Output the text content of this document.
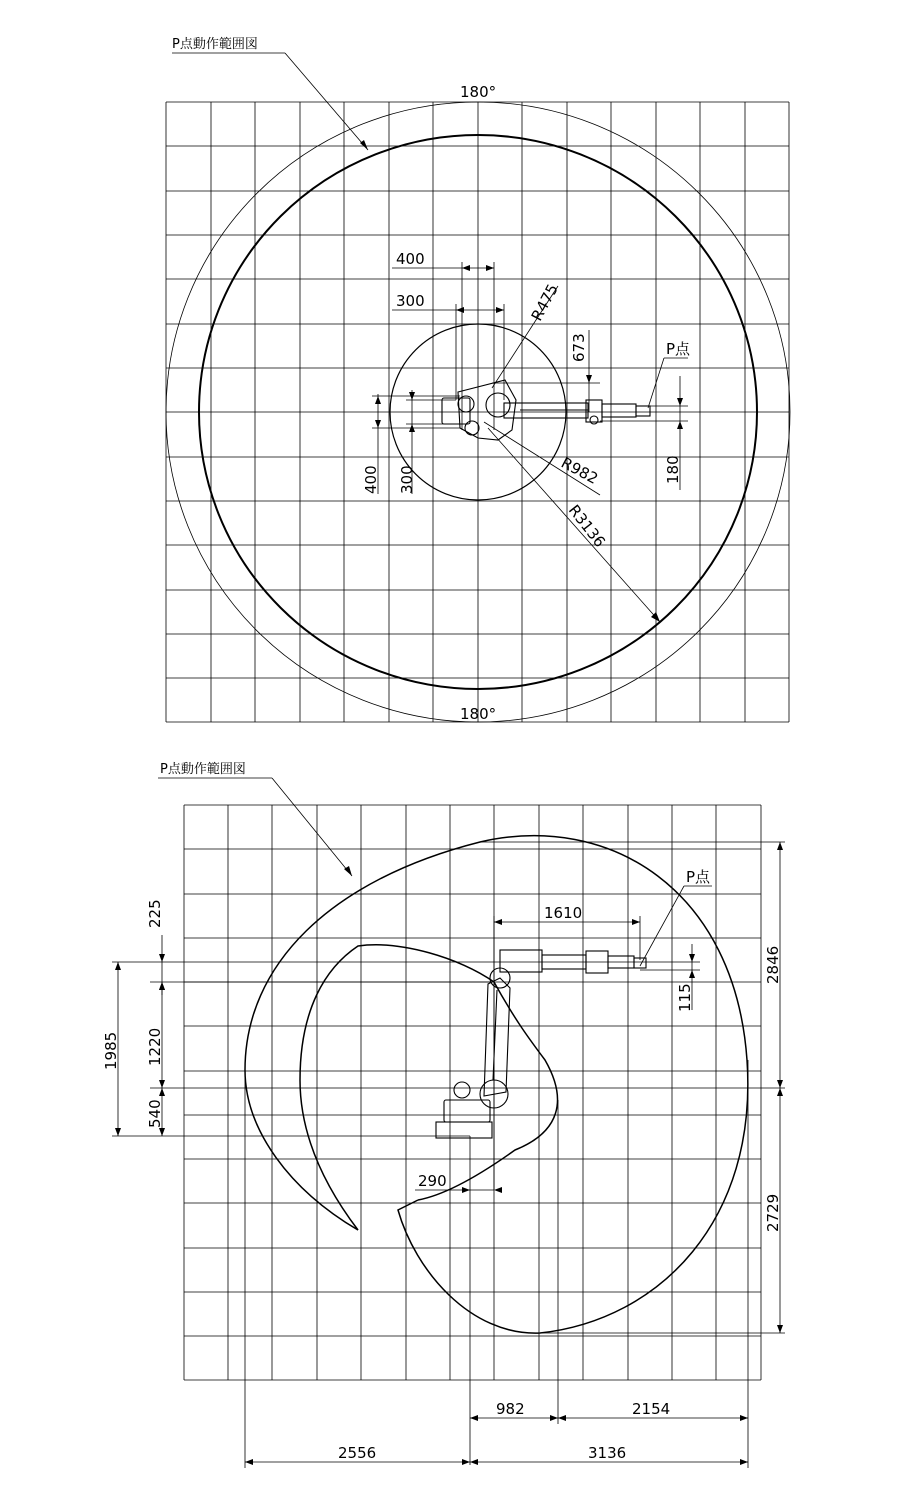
P点動作範囲図
180°
180°
400
300	R475
673	P点
180
R982
R3136
400 300
P点動作範囲図
P点
1610
225
1985 1220
540
115
2846
2729
290
982	2154
2556	3136
